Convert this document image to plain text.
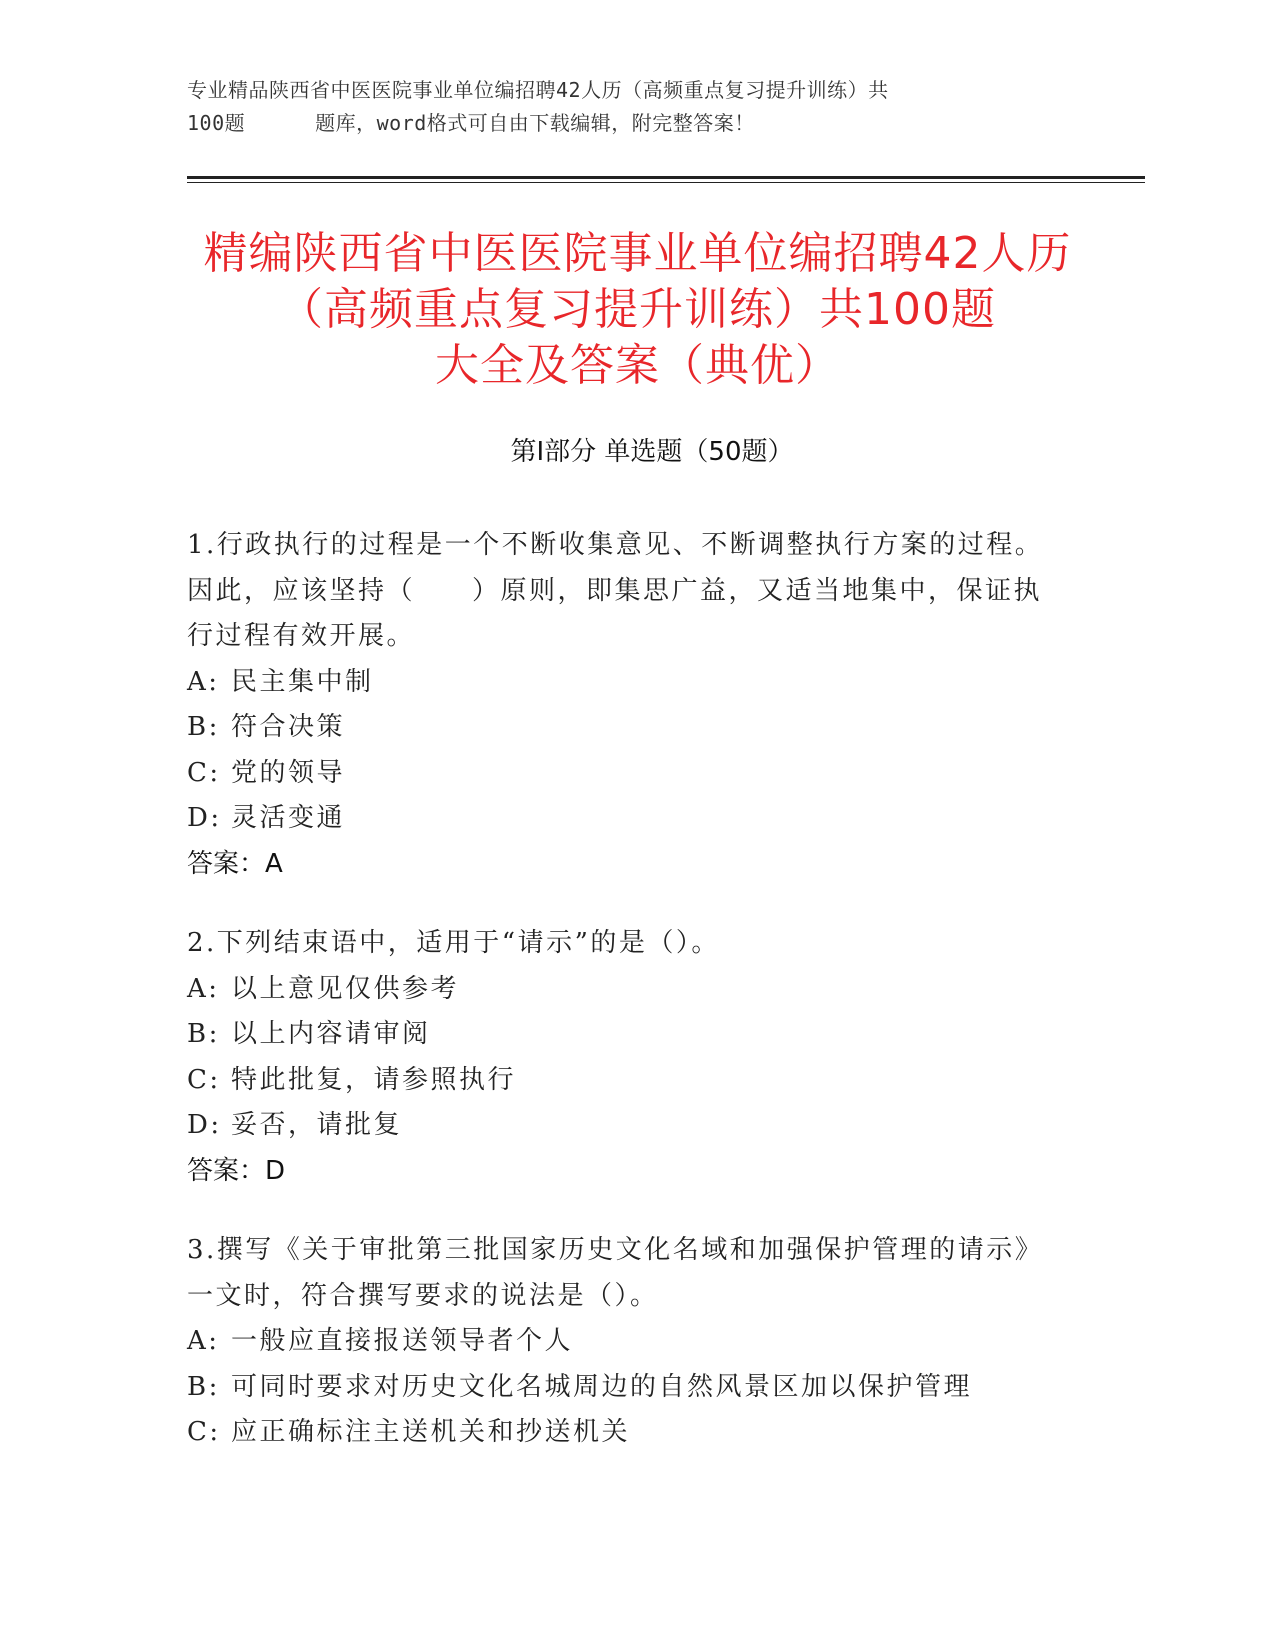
专业精品陕西省中医医院事业单位编招聘42人历（高频重点复习提升训练）共
100题	题库，word格式可自由下载编辑，附完整答案！
精编陕西省中医医院事业单位编招聘42人历
（高频重点复习提升训练）共100题
大全及答案（典优）
第Ⅰ部分 单选题（50题）
1.行政执行的过程是一个不断收集意见、不断调整执行方案的过程。
因此，应该坚持（　　）原则，即集思广益，又适当地集中，保证执
行过程有效开展。
A: 民主集中制
B: 符合决策
C: 党的领导
D: 灵活变通
答案：A
2.下列结束语中，适用于“请示”的是（）。
A: 以上意见仅供参考
B: 以上内容请审阅
C: 特此批复，请参照执行
D: 妥否，请批复
答案：D
3.撰写《关于审批第三批国家历史文化名域和加强保护管理的请示》
一文时，符合撰写要求的说法是（）。
A: 一般应直接报送领导者个人
B: 可同时要求对历史文化名城周边的自然风景区加以保护管理
C: 应正确标注主送机关和抄送机关
